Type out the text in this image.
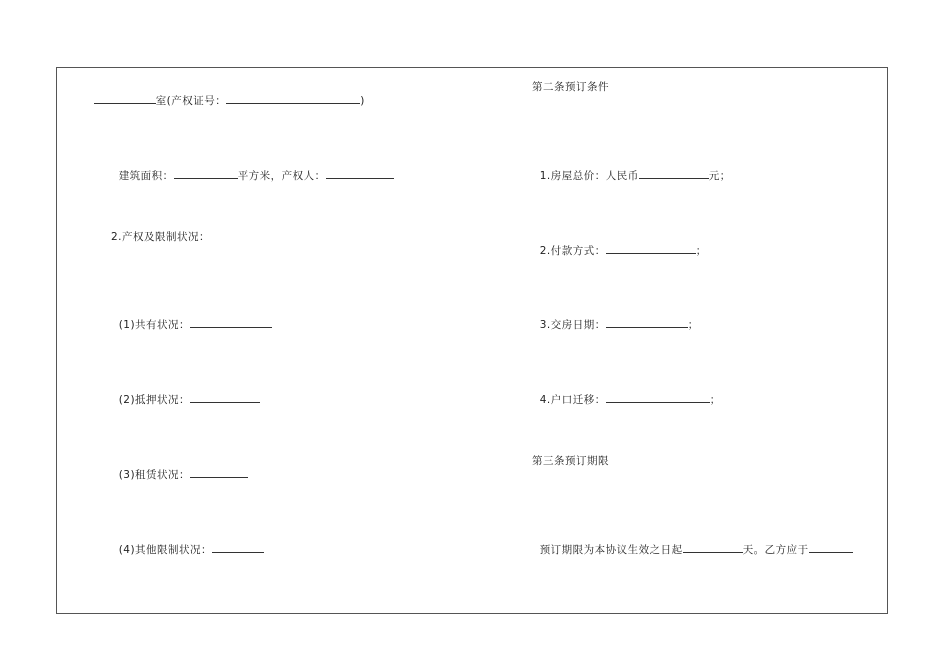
室(产权证号：	)

建筑面积：	平方米，产权人：

2.产权及限制状况：

(1)共有状况：

(2)抵押状况：

(3)租赁状况：

(4)其他限制状况：

第二条预订条件

1.房屋总价：人民币	元；

2.付款方式：	；

3.交房日期：	；

4.户口迁移：	；

第三条预订期限

预订期限为本协议生效之日起	天。乙方应于
